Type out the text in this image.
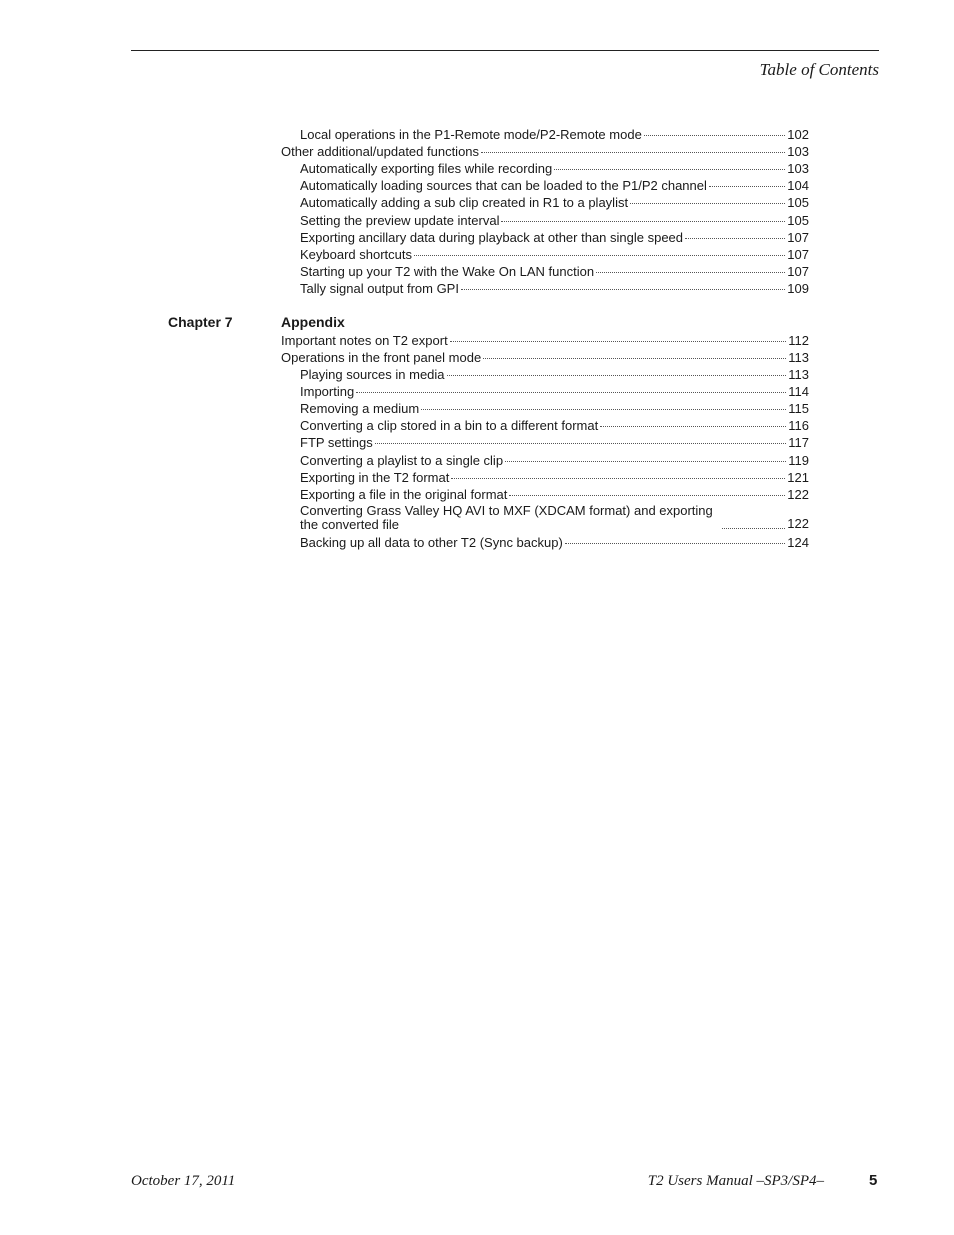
Table of Contents
Local operations in the P1-Remote mode/P2-Remote mode	102
Other additional/updated functions	103
Automatically exporting files while recording	103
Automatically loading sources that can be loaded to the P1/P2 channel	104
Automatically adding a sub clip created in R1 to a playlist	105
Setting the preview update interval	105
Exporting ancillary data during playback at other than single speed	107
Keyboard shortcuts	107
Starting up your T2 with the Wake On LAN function	107
Tally signal output from GPI	109
Chapter 7	Appendix
Important notes on T2 export	112
Operations in the front panel mode	113
Playing sources in media	113
Importing	114
Removing a medium	115
Converting a clip stored in a bin to a different format	116
FTP settings	117
Converting a playlist to a single clip	119
Exporting in the T2 format	121
Exporting a file in the original format	122
Converting Grass Valley HQ AVI to MXF (XDCAM format) and exporting the converted file	122
Backing up all data to other T2 (Sync backup)	124
October 17, 2011	T2 Users Manual –SP3/SP4–	5
